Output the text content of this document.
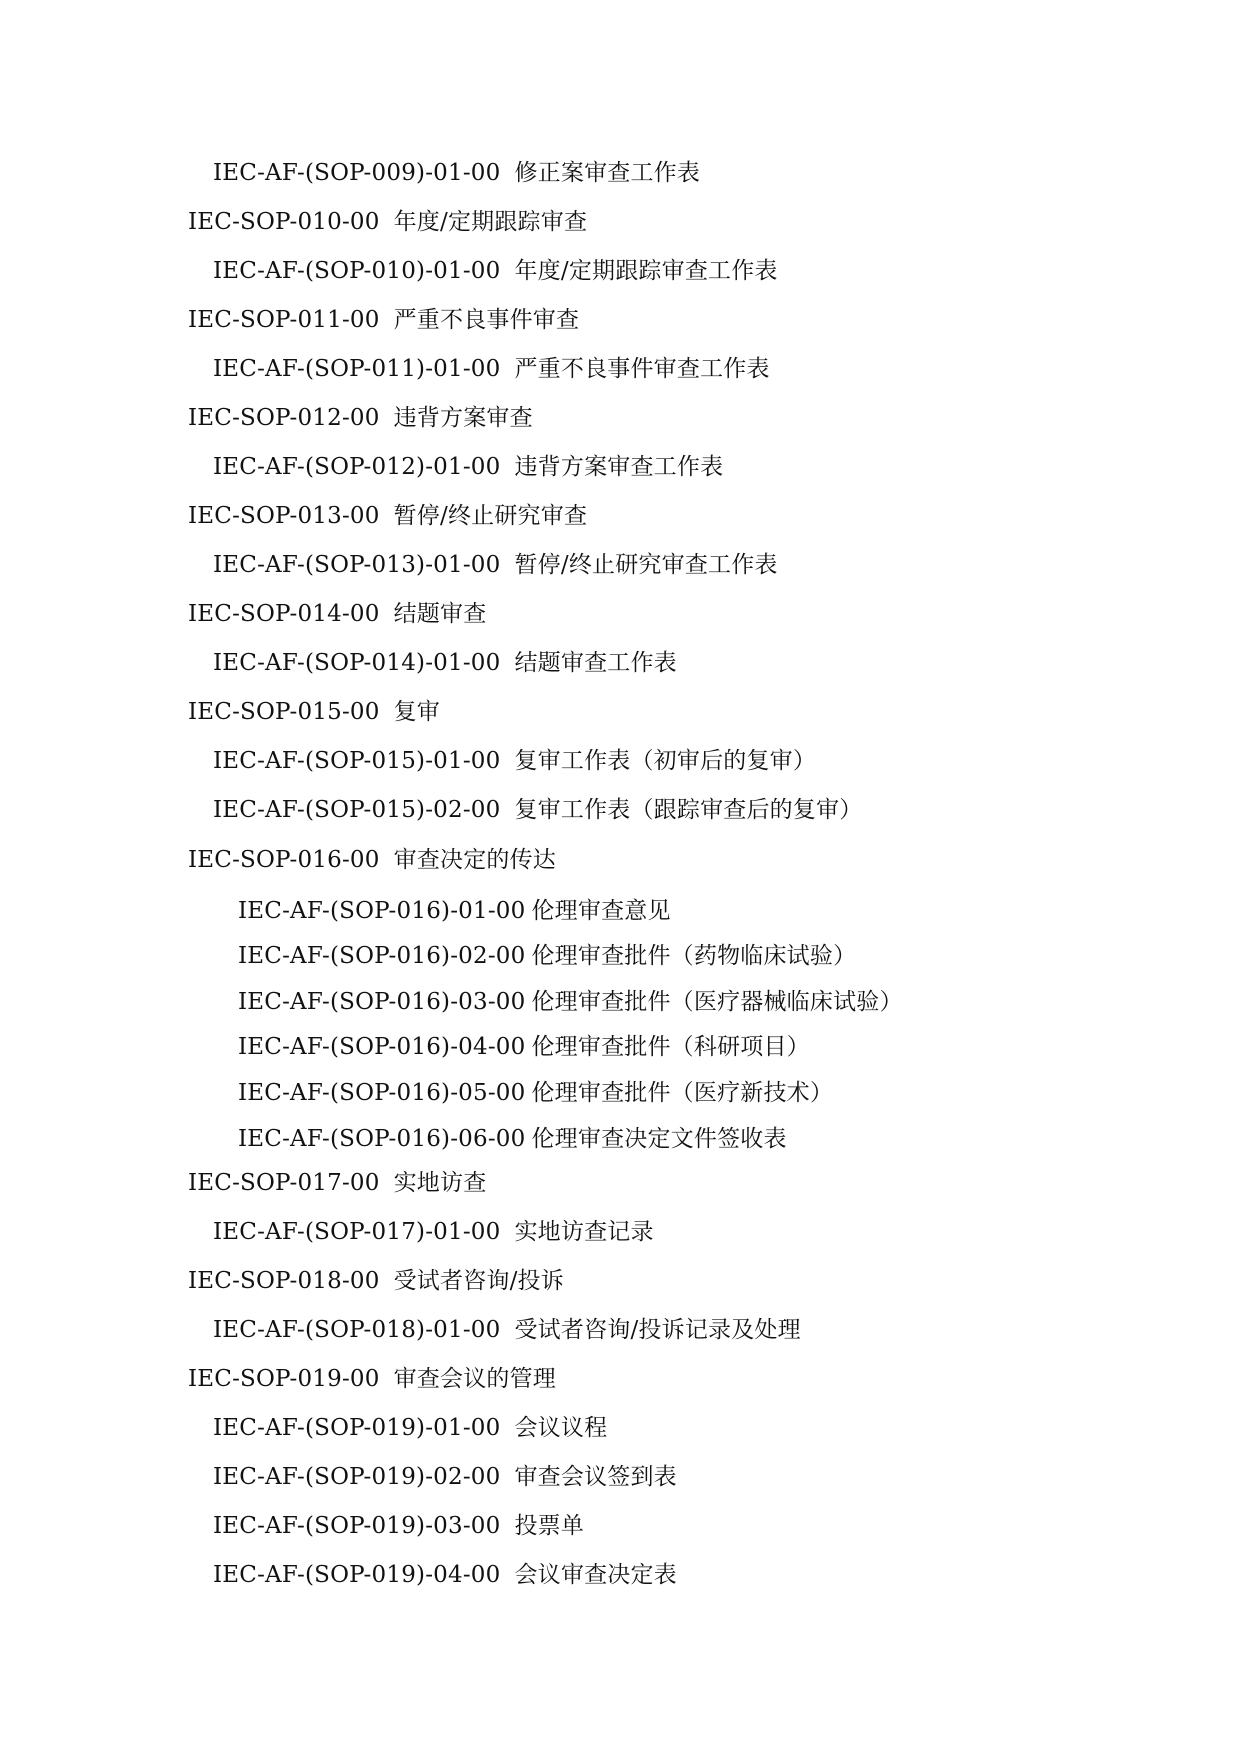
IEC-AF-(SOP-009)-01-00 修正案审查工作表
IEC-SOP-010-00 年度/定期跟踪审查
IEC-AF-(SOP-010)-01-00 年度/定期跟踪审查工作表
IEC-SOP-011-00 严重不良事件审查
IEC-AF-(SOP-011)-01-00 严重不良事件审查工作表
IEC-SOP-012-00 违背方案审查
IEC-AF-(SOP-012)-01-00 违背方案审查工作表
IEC-SOP-013-00 暂停/终止研究审查
IEC-AF-(SOP-013)-01-00 暂停/终止研究审查工作表
IEC-SOP-014-00 结题审查
IEC-AF-(SOP-014)-01-00 结题审查工作表
IEC-SOP-015-00 复审
IEC-AF-(SOP-015)-01-00 复审工作表（初审后的复审）
IEC-AF-(SOP-015)-02-00 复审工作表（跟踪审查后的复审）
IEC-SOP-016-00 审查决定的传达
IEC-AF-(SOP-016)-01-00 伦理审查意见
IEC-AF-(SOP-016)-02-00 伦理审查批件（药物临床试验）
IEC-AF-(SOP-016)-03-00 伦理审查批件（医疗器械临床试验）
IEC-AF-(SOP-016)-04-00 伦理审查批件（科研项目）
IEC-AF-(SOP-016)-05-00 伦理审查批件（医疗新技术）
IEC-AF-(SOP-016)-06-00 伦理审查决定文件签收表
IEC-SOP-017-00 实地访查
IEC-AF-(SOP-017)-01-00 实地访查记录
IEC-SOP-018-00 受试者咨询/投诉
IEC-AF-(SOP-018)-01-00 受试者咨询/投诉记录及处理
IEC-SOP-019-00 审查会议的管理
IEC-AF-(SOP-019)-01-00 会议议程
IEC-AF-(SOP-019)-02-00 审查会议签到表
IEC-AF-(SOP-019)-03-00 投票单
IEC-AF-(SOP-019)-04-00 会议审查决定表
